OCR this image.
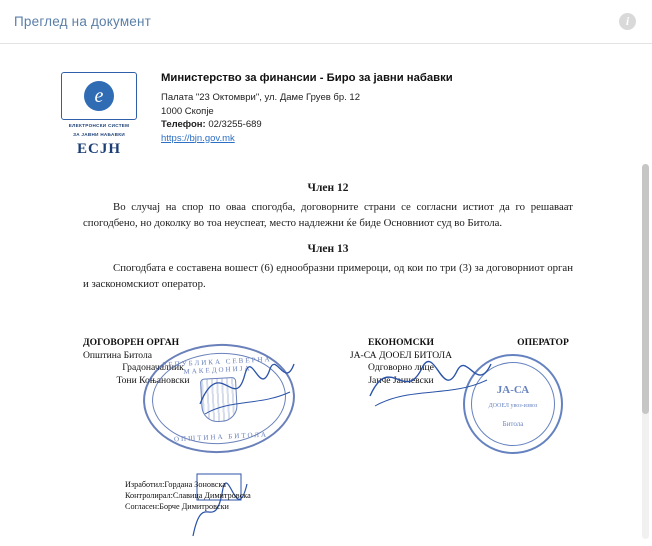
Преглед на документ	i
e
ЕЛЕКТРОНСКИ СИСТЕМ
ЗА ЈАВНИ НАБАВКИ
ЕСЈН
Министерство за финансии - Биро за јавни набавки
Палата "23 Октомври", ул. Даме Груев бр. 12
1000 Скопје
Телефон: 02/3255-689
https://bjn.gov.mk
Член 12

Во случај на спор по оваа спогодба, договорните страни се согласни истиот да го решаваат спогодбено, но доколку во тоа неуспеат, место надлежни ќе биде Основниот суд во Битола.

Член 13

Спогодбата е составена вошест (6) еднообразни примероци, од кои по три (3) за договорниот орган и заскономскиот оператор.

ДОГОВОРЕН ОРГАН
Општина Битола
Градоначалник
Тони Коњановски
ЕКОНОМСКИ
ЈА-СА ДООЕЛ БИТОЛА
Одговорно лице
Јанче Јанчевски
ОПЕРАТОР
РЕПУБЛИКА СЕВЕРНА МАКЕДОНИЈА
ОПШТИНА БИТОЛА
ЈА-СА
ДООЕЛ увоз-извоз
Битола
Изработил:Гордана Зоновска
Контролирал:Славица Димитровска
Согласен:Борче Димитровски
